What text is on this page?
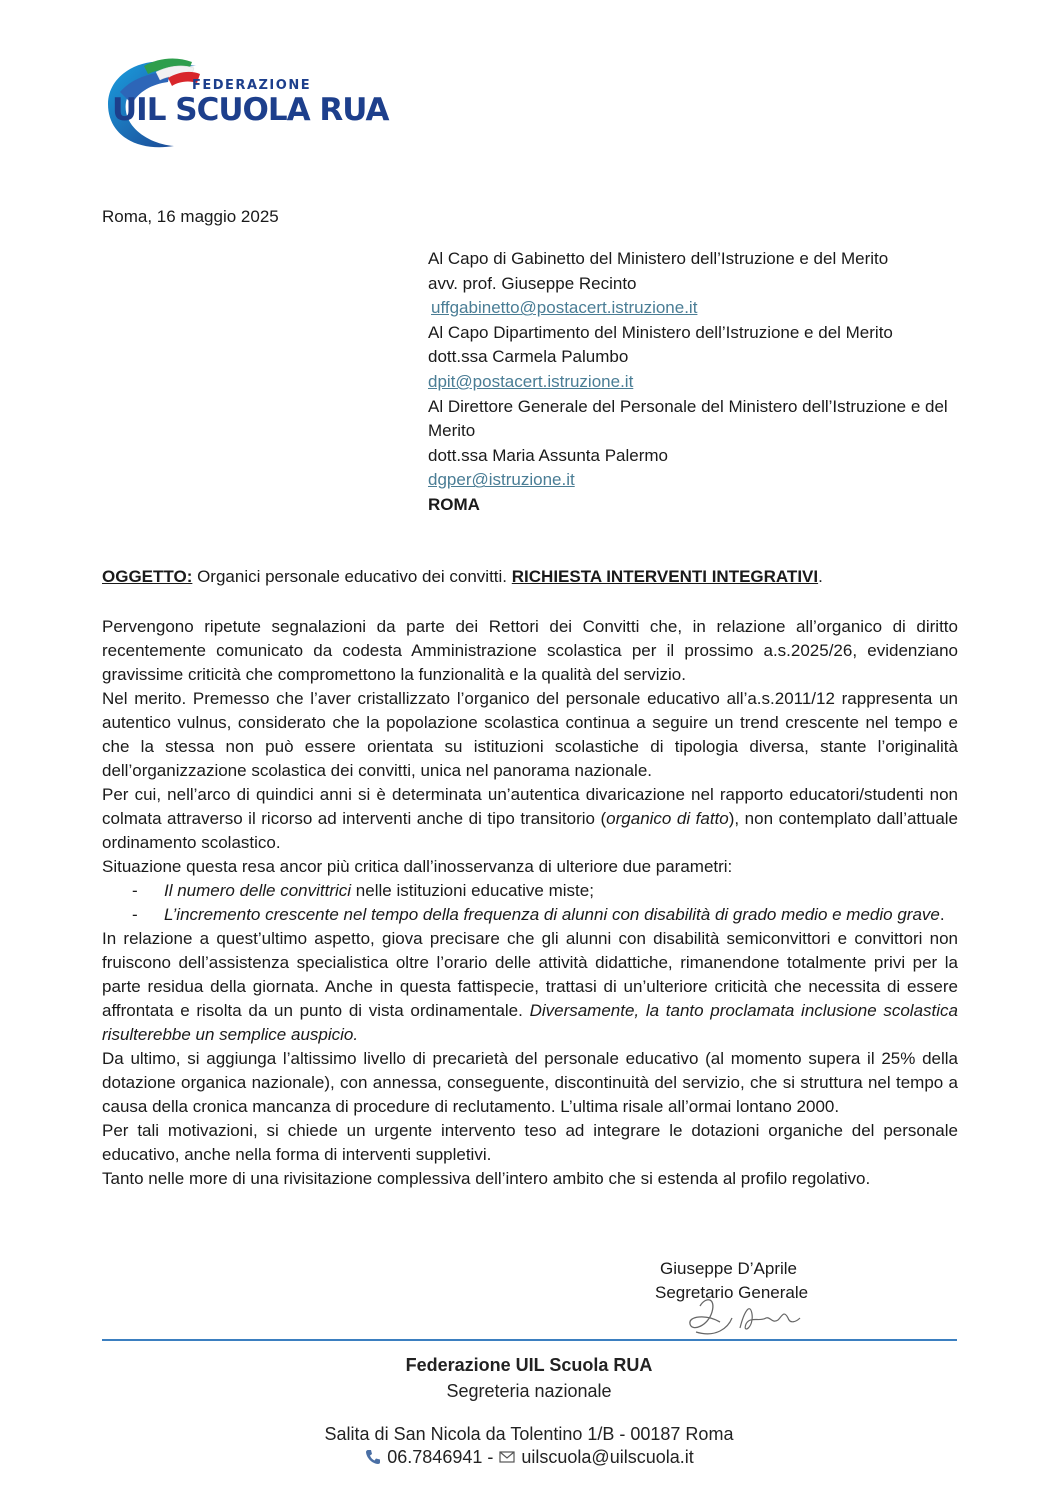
FEDERAZIONE
UIL SCUOLA RUA
Roma, 16 maggio 2025
Al Capo di Gabinetto del Ministero dell’Istruzione e del Merito
avv. prof. Giuseppe Recinto
uffgabinetto@postacert.istruzione.it
Al Capo Dipartimento del Ministero dell’Istruzione e del Merito
dott.ssa Carmela Palumbo
dpit@postacert.istruzione.it
Al Direttore Generale del Personale del Ministero dell’Istruzione e del Merito
dott.ssa Maria Assunta Palermo
dgper@istruzione.it
ROMA
OGGETTO: Organici personale educativo dei convitti. RICHIESTA INTERVENTI INTEGRATIVI.

Pervengono ripetute segnalazioni da parte dei Rettori dei Convitti che, in relazione all’organico di diritto recentemente comunicato da codesta Amministrazione scolastica per il prossimo a.s.2025/26, evidenziano gravissime criticità che compromettono la funzionalità e la qualità del servizio.

Nel merito. Premesso che l’aver cristallizzato l’organico del personale educativo all’a.s.2011/12 rappresenta un autentico vulnus, considerato che la popolazione scolastica continua a seguire un trend crescente nel tempo e che la stessa non può essere orientata su istituzioni scolastiche di tipologia diversa, stante l’originalità dell’organizzazione scolastica dei convitti, unica nel panorama nazionale.

Per cui, nell’arco di quindici anni si è determinata un’autentica divaricazione nel rapporto educatori/studenti non colmata attraverso il ricorso ad interventi anche di tipo transitorio (organico di fatto), non contemplato dall’attuale ordinamento scolastico.

Situazione questa resa ancor più critica dall’inosservanza di ulteriore due parametri:

- Il numero delle convittrici nelle istituzioni educative miste;
- L’incremento crescente nel tempo della frequenza di alunni con disabilità di grado medio e medio grave.

In relazione a quest’ultimo aspetto, giova precisare che gli alunni con disabilità semiconvittori e convittori non fruiscono dell’assistenza specialistica oltre l’orario delle attività didattiche, rimanendone totalmente privi per la parte residua della giornata. Anche in questa fattispecie, trattasi di un’ulteriore criticità che necessita di essere affrontata e risolta da un punto di vista ordinamentale. Diversamente, la tanto proclamata inclusione scolastica risulterebbe un semplice auspicio.

Da ultimo, si aggiunga l’altissimo livello di precarietà del personale educativo (al momento supera il 25% della dotazione organica nazionale), con annessa, conseguente, discontinuità del servizio, che si struttura nel tempo a causa della cronica mancanza di procedure di reclutamento. L’ultima risale all’ormai lontano 2000.

Per tali motivazioni, si chiede un urgente intervento teso ad integrare le dotazioni organiche del personale educativo, anche nella forma di interventi suppletivi.

Tanto nelle more di una rivisitazione complessiva dell’intero ambito che si estenda al profilo regolativo.

Giuseppe D’Aprile
Segretario Generale
Federazione UIL Scuola RUA
Segreteria nazionale
Salita di San Nicola da Tolentino 1/B - 00187 Roma
06.7846941 -  uilscuola@uilscuola.it
